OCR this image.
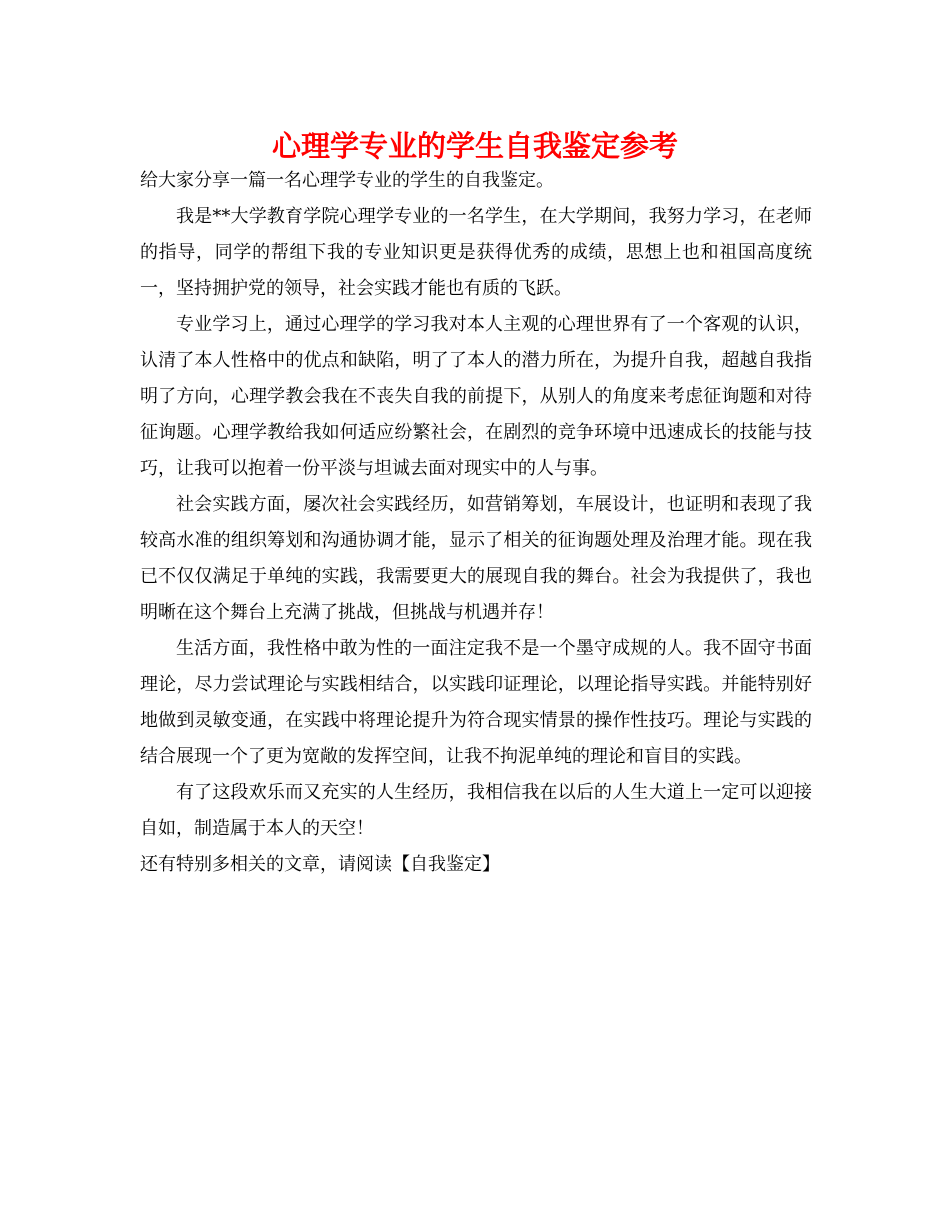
心理学专业的学生自我鉴定参考

给大家分享一篇一名心理学专业的学生的自我鉴定。

我是**大学教育学院心理学专业的一名学生，在大学期间，我努力学习，在老师的指导，同学的帮组下我的专业知识更是获得优秀的成绩，思想上也和祖国高度统一，坚持拥护党的领导，社会实践才能也有质的飞跃。

专业学习上，通过心理学的学习我对本人主观的心理世界有了一个客观的认识，认清了本人性格中的优点和缺陷，明了了本人的潜力所在，为提升自我，超越自我指明了方向，心理学教会我在不丧失自我的前提下，从别人的角度来考虑征询题和对待征询题。心理学教给我如何适应纷繁社会，在剧烈的竞争环境中迅速成长的技能与技巧，让我可以抱着一份平淡与坦诚去面对现实中的人与事。

社会实践方面，屡次社会实践经历，如营销筹划，车展设计，也证明和表现了我较高水准的组织筹划和沟通协调才能，显示了相关的征询题处理及治理才能。现在我已不仅仅满足于单纯的实践，我需要更大的展现自我的舞台。社会为我提供了，我也明晰在这个舞台上充满了挑战，但挑战与机遇并存！

生活方面，我性格中敢为性的一面注定我不是一个墨守成规的人。我不固守书面理论，尽力尝试理论与实践相结合，以实践印证理论，以理论指导实践。并能特别好地做到灵敏变通，在实践中将理论提升为符合现实情景的操作性技巧。理论与实践的结合展现一个了更为宽敞的发挥空间，让我不拘泥单纯的理论和盲目的实践。

有了这段欢乐而又充实的人生经历，我相信我在以后的人生大道上一定可以迎接自如，制造属于本人的天空！

还有特别多相关的文章，请阅读【自我鉴定】
